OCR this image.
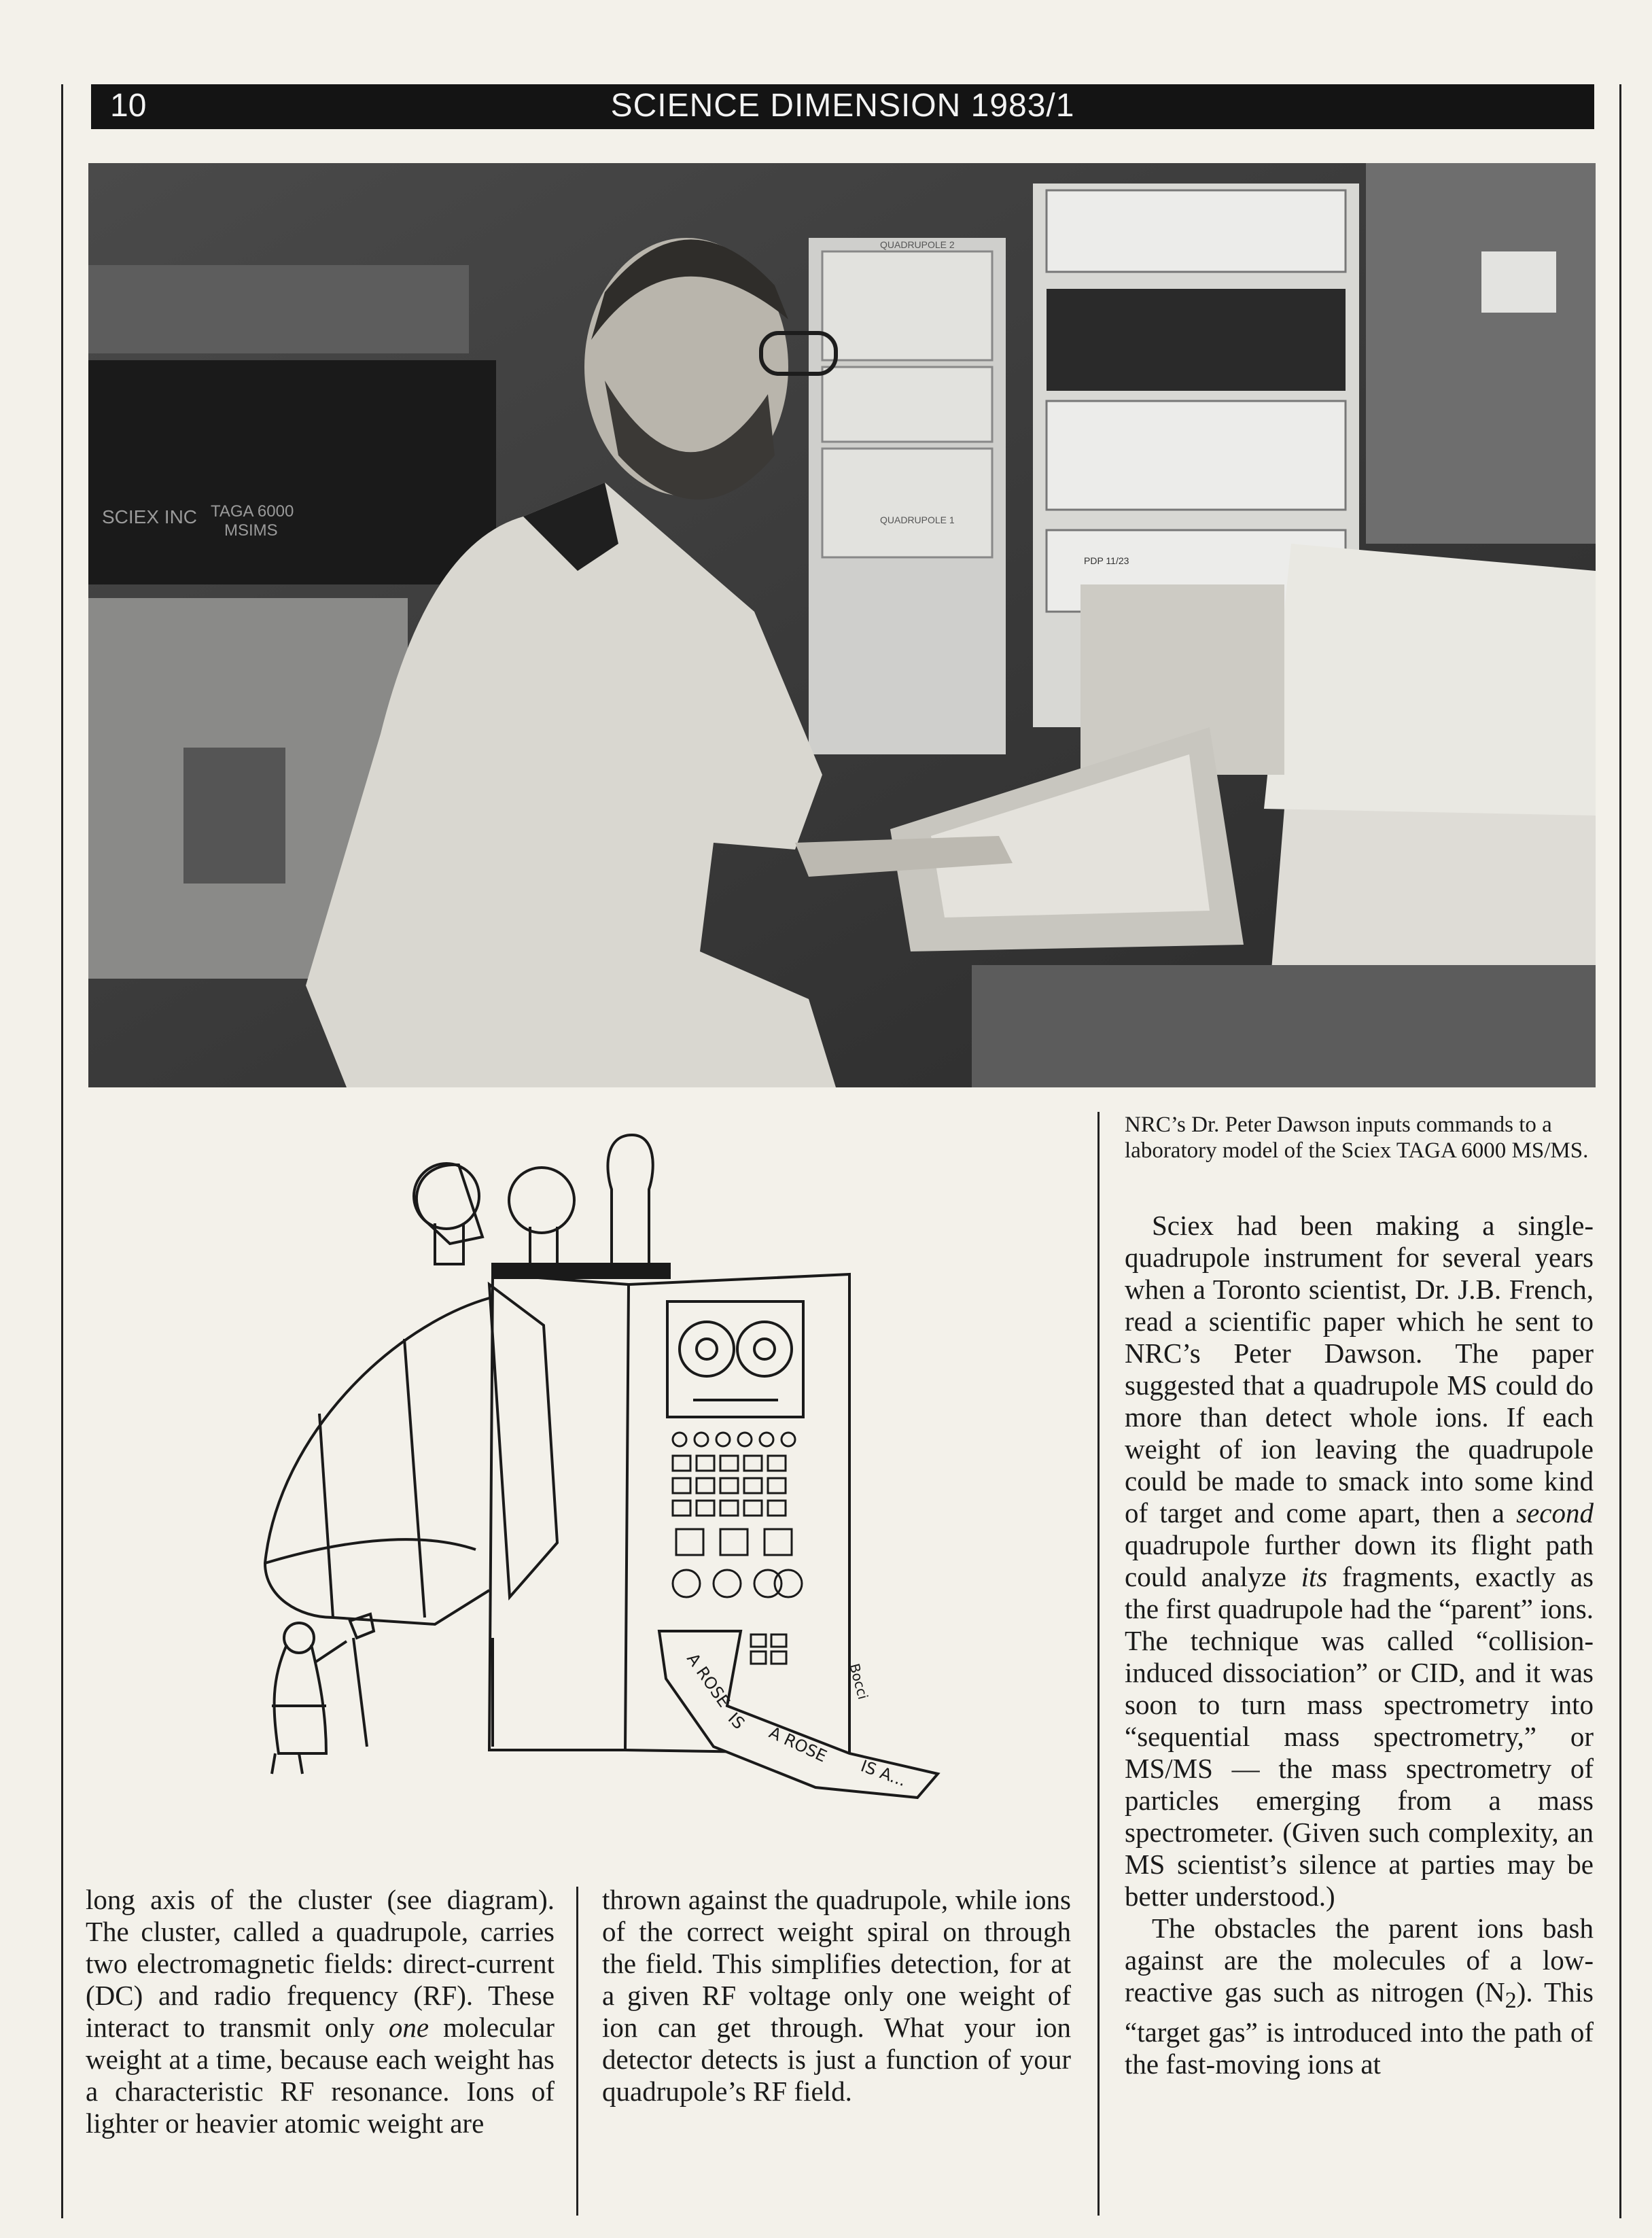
10	SCIENCE DIMENSION 1983/1
SCIEX INC TAGA 6000
MSIMS
QUADRUPOLE 2
QUADRUPOLE 1
PDP 11/23
NRC’s Dr. Peter Dawson inputs commands to a laboratory model of the Sciex TAGA 6000 MS/MS.
A ROSE
IS
A ROSE
IS A...
Bocci

long axis of the cluster (see diagram). The cluster, called a quadrupole, carries two electromagnetic fields: direct-current (DC) and radio frequency (RF). These interact to transmit only one molecular weight at a time, because each weight has a characteristic RF resonance. Ions of lighter or heavier atomic weight are

thrown against the quadrupole, while ions of the correct weight spiral on through the field. This simplifies detection, for at a given RF voltage only one weight of ion can get through. What your ion detector detects is just a function of your quadrupole’s RF field.

Sciex had been making a single-quadrupole instrument for several years when a Toronto scientist, Dr. J.B. French, read a scientific paper which he sent to NRC’s Peter Dawson. The paper suggested that a quadrupole MS could do more than detect whole ions. If each weight of ion leaving the quadrupole could be made to smack into some kind of target and come apart, then a second quadrupole further down its flight path could analyze its fragments, exactly as the first quadrupole had the “parent” ions. The technique was called “collision-induced dissociation” or CID, and it was soon to turn mass spectrometry into “sequential mass spectrometry,” or MS/MS — the mass spectrometry of particles emerging from a mass spectrometer. (Given such complexity, an MS scientist’s silence at parties may be better understood.)

The obstacles the parent ions bash against are the molecules of a low-reactive gas such as nitrogen $(N_2)$. This “target gas” is introduced into the path of the fast-moving ions at
